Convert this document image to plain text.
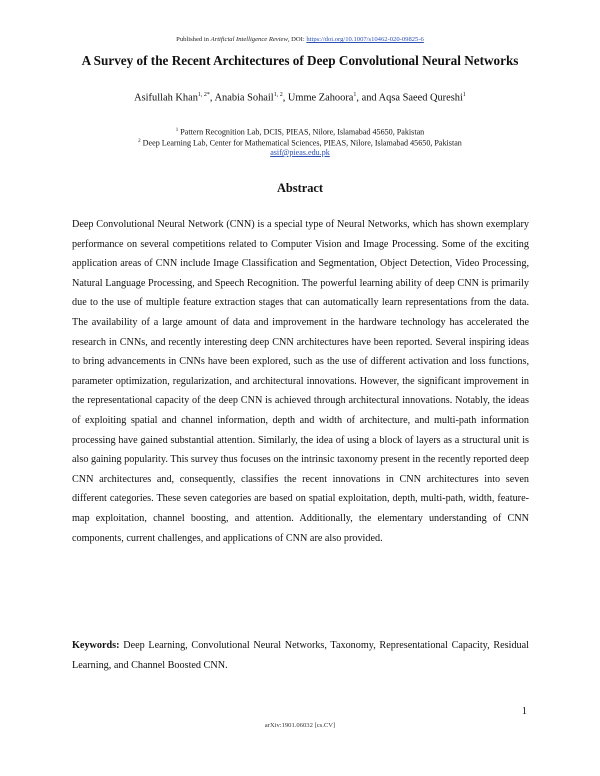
Published in Artificial Intelligence Review, DOI: https://doi.org/10.1007/s10462-020-09825-6
A Survey of the Recent Architectures of Deep Convolutional Neural Networks
Asifullah Khan$^{1, 2*}$, Anabia Sohail$^{1, 2}$, Umme Zahoora$^1$, and Aqsa Saeed Qureshi$^1$
$^1$ Pattern Recognition Lab, DCIS, PIEAS, Nilore, Islamabad 45650, Pakistan
$^2$ Deep Learning Lab, Center for Mathematical Sciences, PIEAS, Nilore, Islamabad 45650, Pakistan
asif@pieas.edu.pk
Abstract

Deep Convolutional Neural Network (CNN) is a special type of Neural Networks, which has shown exemplary performance on several competitions related to Computer Vision and Image Processing. Some of the exciting application areas of CNN include Image Classification and Segmentation, Object Detection, Video Processing, Natural Language Processing, and Speech Recognition. The powerful learning ability of deep CNN is primarily due to the use of multiple feature extraction stages that can automatically learn representations from the data. The availability of a large amount of data and improvement in the hardware technology has accelerated the research in CNNs, and recently interesting deep CNN architectures have been reported. Several inspiring ideas to bring advancements in CNNs have been explored, such as the use of different activation and loss functions, parameter optimization, regularization, and architectural innovations. However, the significant improvement in the representational capacity of the deep CNN is achieved through architectural innovations. Notably, the ideas of exploiting spatial and channel information, depth and width of architecture, and multi-path information processing have gained substantial attention. Similarly, the idea of using a block of layers as a structural unit is also gaining popularity. This survey thus focuses on the intrinsic taxonomy present in the recently reported deep CNN architectures and, consequently, classifies the recent innovations in CNN architectures into seven different categories. These seven categories are based on spatial exploitation, depth, multi-path, width, feature-map exploitation, channel boosting, and attention. Additionally, the elementary understanding of CNN components, current challenges, and applications of CNN are also provided.

Keywords: Deep Learning, Convolutional Neural Networks, Taxonomy, Representational Capacity, Residual Learning, and Channel Boosted CNN.

1
arXiv:1901.06032 [cs.CV]
